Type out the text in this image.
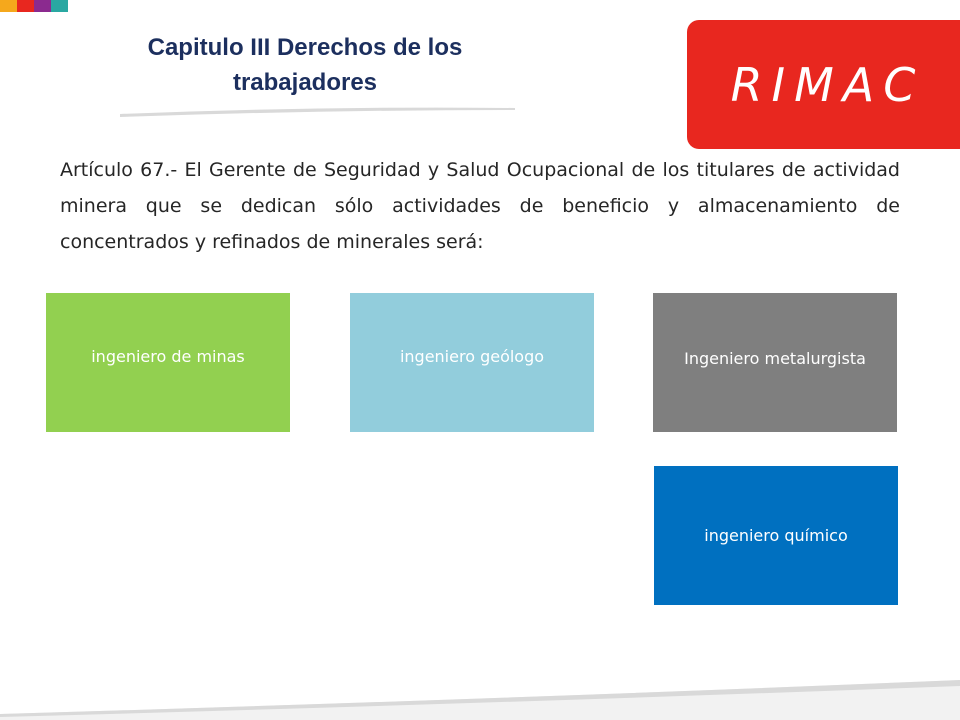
Capitulo III Derechos de los trabajadores	RIMAC

Artículo 67.- El Gerente de Seguridad y Salud Ocupacional de los titulares de actividad minera que se dedican sólo actividades de beneficio y almacenamiento de concentrados y refinados de minerales será:

ingeniero de minas	ingeniero geólogo	Ingeniero metalurgista
ingeniero químico
